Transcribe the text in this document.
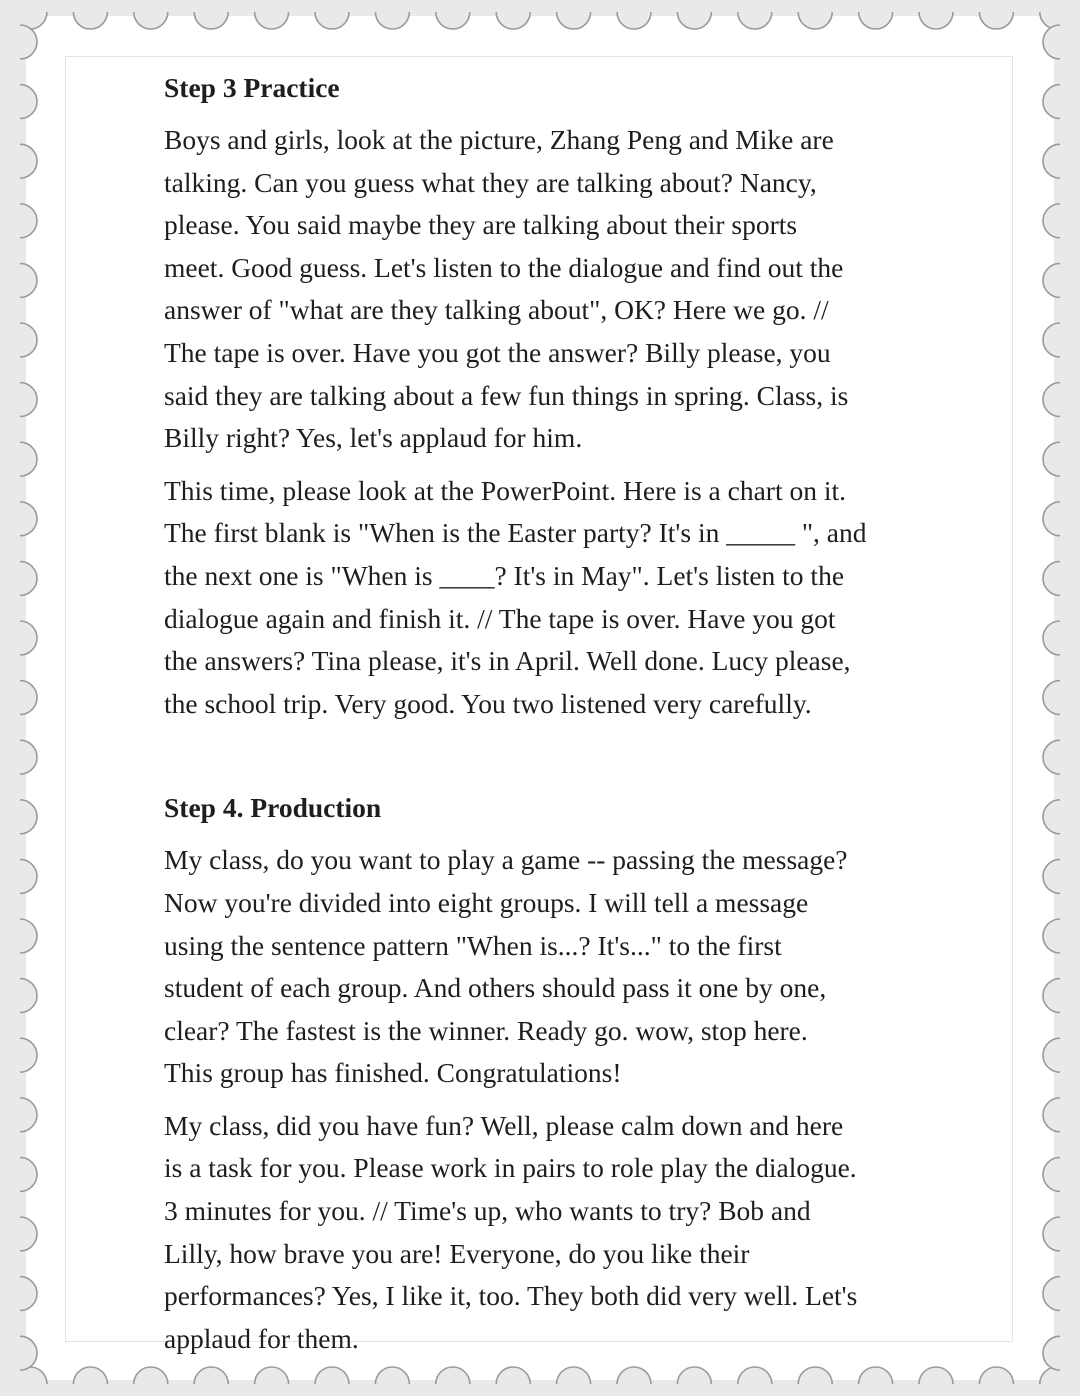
Step 3 Practice
Boys and girls, look at the picture, Zhang Peng and Mike are
talking. Can you guess what they are talking about? Nancy,
please. You said maybe they are talking about their sports
meet. Good guess. Let's listen to the dialogue and find out the
answer of "what are they talking about", OK? Here we go. //
The tape is over. Have you got the answer? Billy please, you
said they are talking about a few fun things in spring. Class, is
Billy right? Yes, let's applaud for him.
This time, please look at the PowerPoint. Here is a chart on it.
The first blank is "When is the Easter party? It's in _____ ", and
the next one is "When is ____? It's in May". Let's listen to the
dialogue again and finish it. // The tape is over. Have you got
the answers? Tina please, it's in April. Well done. Lucy please,
the school trip. Very good. You two listened very carefully.
Step 4. Production
My class, do you want to play a game -- passing the message?
Now you're divided into eight groups. I will tell a message
using the sentence pattern "When is...? It's..." to the first
student of each group. And others should pass it one by one,
clear? The fastest is the winner. Ready go. wow, stop here.
This group has finished. Congratulations!
My class, did you have fun? Well, please calm down and here
is a task for you. Please work in pairs to role play the dialogue.
3 minutes for you. // Time's up, who wants to try? Bob and
Lilly, how brave you are! Everyone, do you like their
performances? Yes, I like it, too. They both did very well. Let's
applaud for them.
